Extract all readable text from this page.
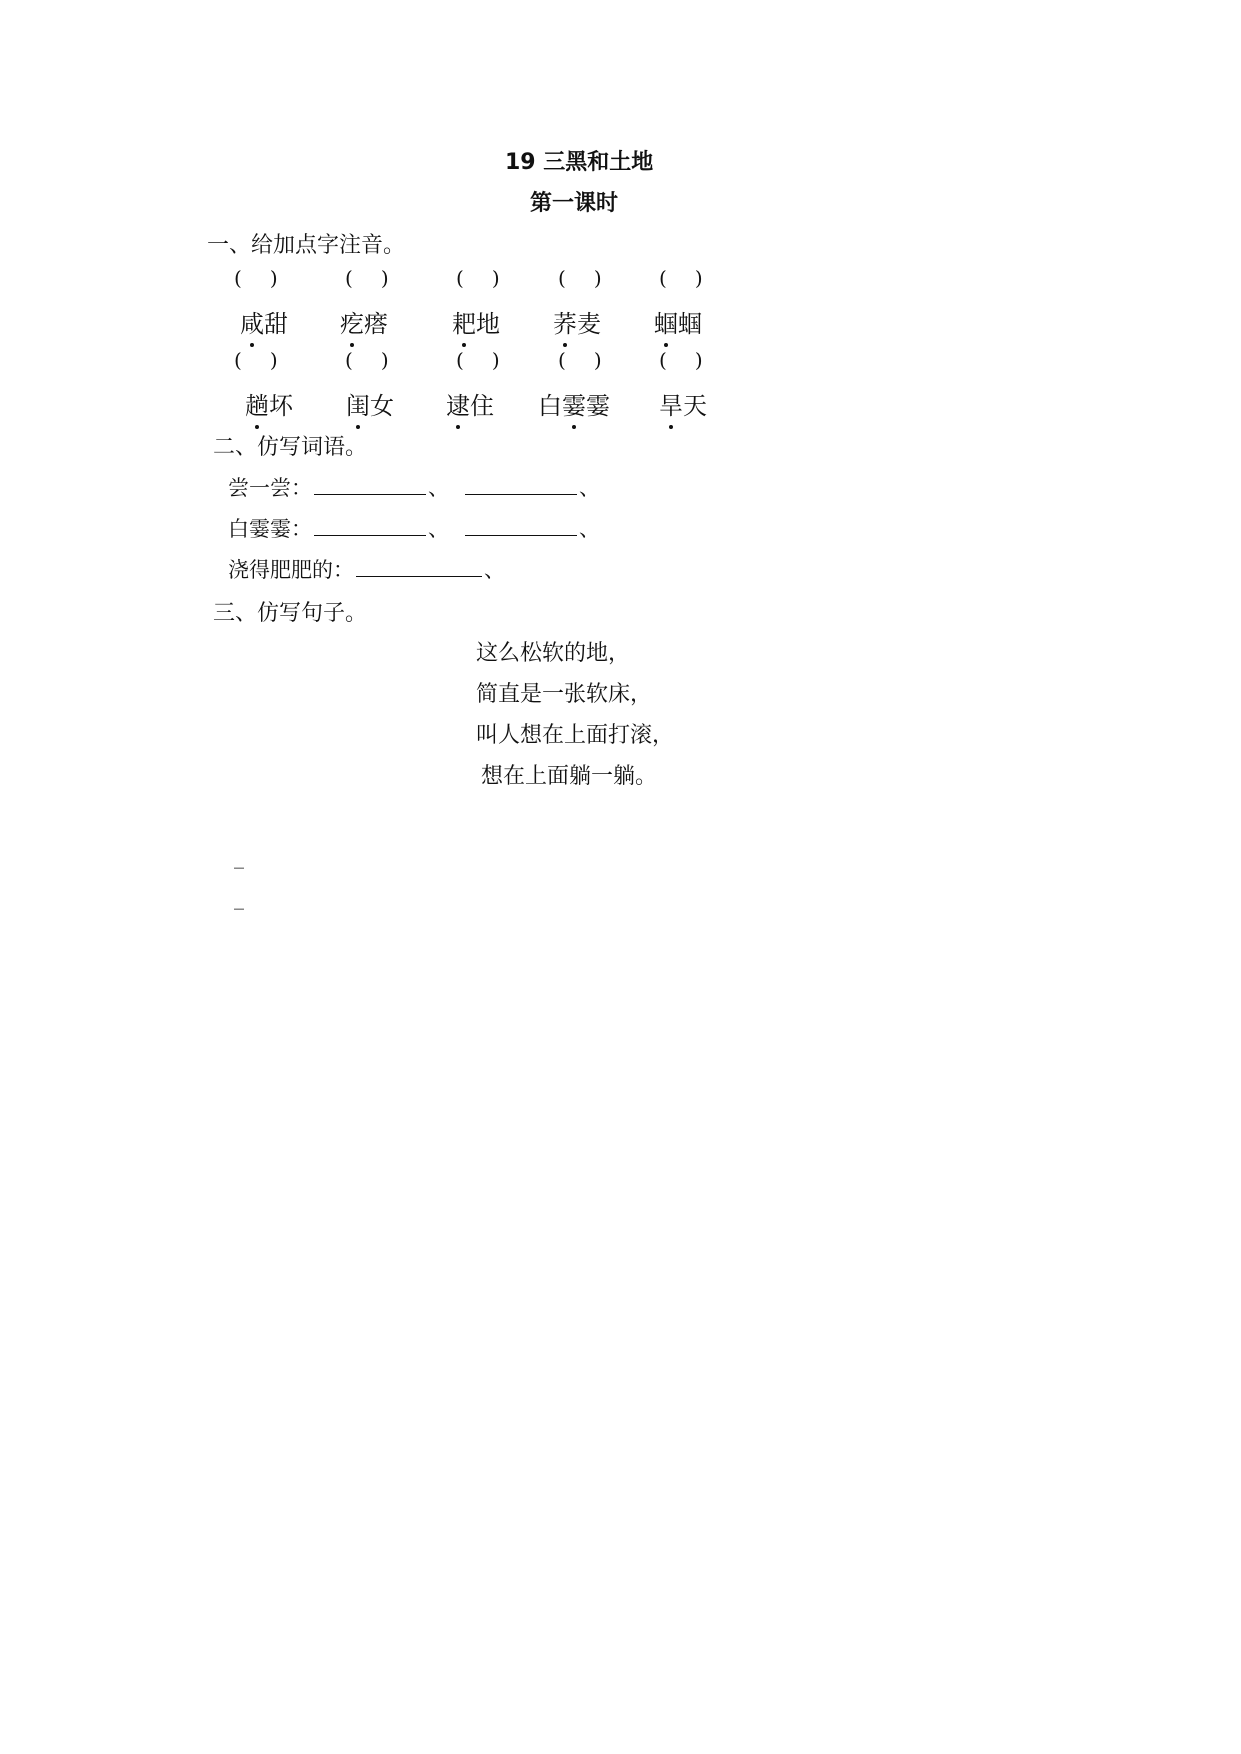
19 三黑和土地
第一课时
一、给加点字注音。
( )	( )	( )	( )	( )
咸甜 疙瘩	耙地 荞麦 蝈蝈
( )	( )	( )	( )	( )
趟坏 闺女 逮住 白霎霎 旱天
二、仿写词语。
尝一尝：	、	、
白霎霎：	、	、
浇得肥肥的：	、
三、仿写句子。
这么松软的地，
简直是一张软床，
叫人想在上面打滚，
想在上面躺一躺。
_
_
